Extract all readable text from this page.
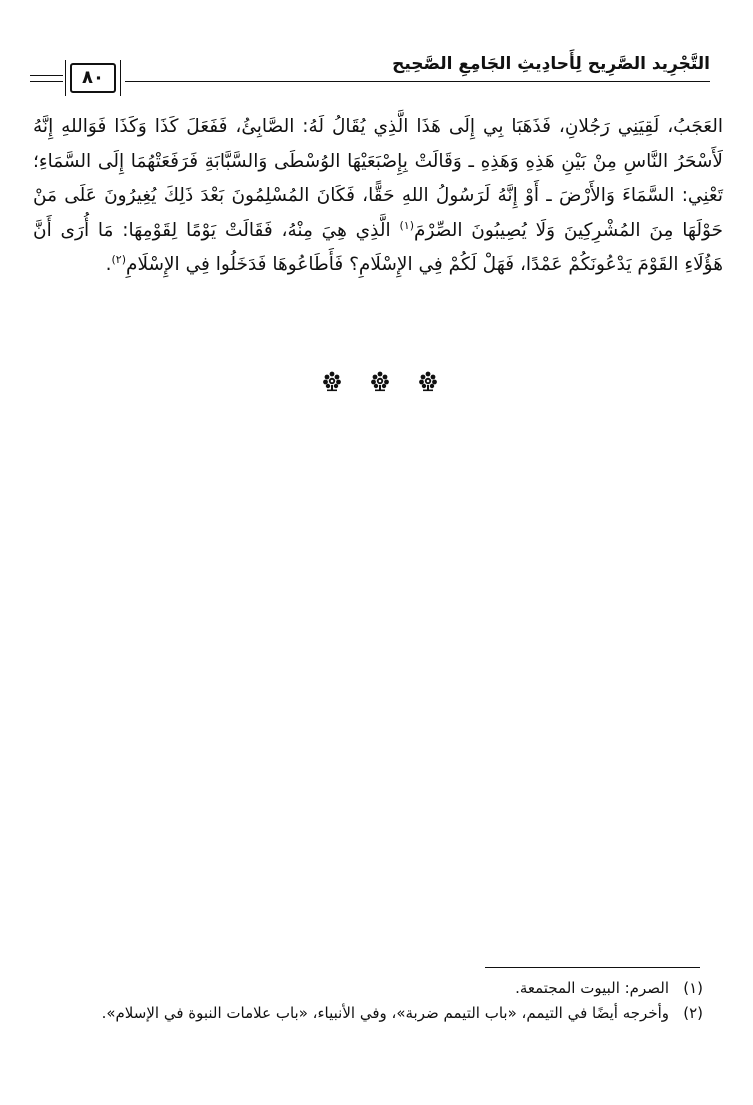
التَّجْرِيد الصَّرِيح لِأَحادِيثِ الجَامِعِ الصَّحِيح
٨٠

العَجَبُ، لَقِيَنِي رَجُلانِ، فَذَهَبَا بِي إِلَى هَذَا الَّذِي يُقَالُ لَهُ: الصَّابِئُ، فَفَعَلَ كَذَا وَكَذَا فَوَاللهِ إِنَّهُ لَأَسْحَرُ النَّاسِ مِنْ بَيْنِ هَذِهِ وَهَذِهِ ـ وَقَالَتْ بِإِصْبَعَيْهَا الوُسْطَى وَالسَّبَّابَةِ فَرَفَعَتْهُمَا إِلَى السَّمَاءِ؛ تَعْنِي: السَّمَاءَ وَالأَرْضَ ـ أَوْ إِنَّهُ لَرَسُولُ اللهِ حَقًّا، فَكَانَ المُسْلِمُونَ بَعْدَ ذَلِكَ يُغِيرُونَ عَلَى مَنْ حَوْلَهَا مِنَ المُشْرِكِينَ وَلَا يُصِيبُونَ الصِّرْمَ$^{(١)}$ الَّذِي هِيَ مِنْهُ، فَقَالَتْ يَوْمًا لِقَوْمِهَا: مَا أُرَى أَنَّ هَؤُلَاءِ القَوْمَ يَدْعُونَكُمْ عَمْدًا، فَهَلْ لَكُمْ فِي الإِسْلَامِ؟ فَأَطَاعُوهَا فَدَخَلُوا فِي الإِسْلَامِ$^{(٢)}$.

(١)
الصرم: البيوت المجتمعة.
(٢)
وأخرجه أيضًا في التيمم، «باب التيمم ضربة»، وفي الأنبياء، «باب علامات النبوة في الإسلام».
